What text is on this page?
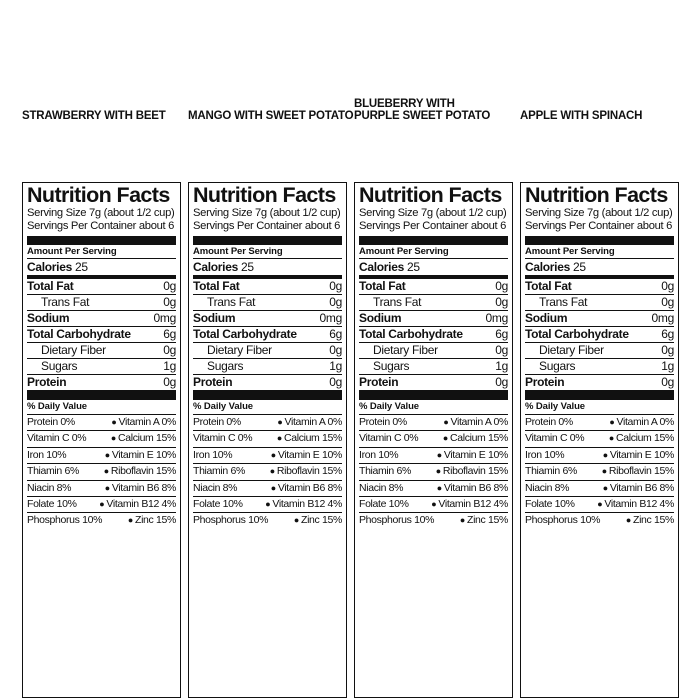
STRAWBERRY WITH BEET
Nutrition Facts
Serving Size 7g (about 1/2 cup)
Servings Per Container about 6
Amount Per Serving
Calories 25
Total Fat	0g
Trans Fat	0g
Sodium	0mg
Total Carbohydrate	6g
Dietary Fiber	0g
Sugars	1g
Protein	0g
% Daily Value
Protein 0%	● Vitamin A 0%
Vitamin C 0%	● Calcium 15%
Iron 10%	● Vitamin E 10%
Thiamin 6%	● Riboflavin 15%
Niacin 8%	● Vitamin B6 8%
Folate 10%	● Vitamin B12 4%
Phosphorus 10%	● Zinc 15%
MANGO WITH SWEET POTATO
Nutrition Facts
Serving Size 7g (about 1/2 cup)
Servings Per Container about 6
Amount Per Serving
Calories 25
Total Fat	0g
Trans Fat	0g
Sodium	0mg
Total Carbohydrate	6g
Dietary Fiber	0g
Sugars	1g
Protein	0g
% Daily Value
Protein 0%	● Vitamin A 0%
Vitamin C 0%	● Calcium 15%
Iron 10%	● Vitamin E 10%
Thiamin 6%	● Riboflavin 15%
Niacin 8%	● Vitamin B6 8%
Folate 10%	● Vitamin B12 4%
Phosphorus 10%	● Zinc 15%
BLUEBERRY WITH
PURPLE SWEET POTATO
Nutrition Facts
Serving Size 7g (about 1/2 cup)
Servings Per Container about 6
Amount Per Serving
Calories 25
Total Fat	0g
Trans Fat	0g
Sodium	0mg
Total Carbohydrate	6g
Dietary Fiber	0g
Sugars	1g
Protein	0g
% Daily Value
Protein 0%	● Vitamin A 0%
Vitamin C 0%	● Calcium 15%
Iron 10%	● Vitamin E 10%
Thiamin 6%	● Riboflavin 15%
Niacin 8%	● Vitamin B6 8%
Folate 10%	● Vitamin B12 4%
Phosphorus 10%	● Zinc 15%
APPLE WITH SPINACH
Nutrition Facts
Serving Size 7g (about 1/2 cup)
Servings Per Container about 6
Amount Per Serving
Calories 25
Total Fat	0g
Trans Fat	0g
Sodium	0mg
Total Carbohydrate	6g
Dietary Fiber	0g
Sugars	1g
Protein	0g
% Daily Value
Protein 0%	● Vitamin A 0%
Vitamin C 0%	● Calcium 15%
Iron 10%	● Vitamin E 10%
Thiamin 6%	● Riboflavin 15%
Niacin 8%	● Vitamin B6 8%
Folate 10%	● Vitamin B12 4%
Phosphorus 10%	● Zinc 15%
